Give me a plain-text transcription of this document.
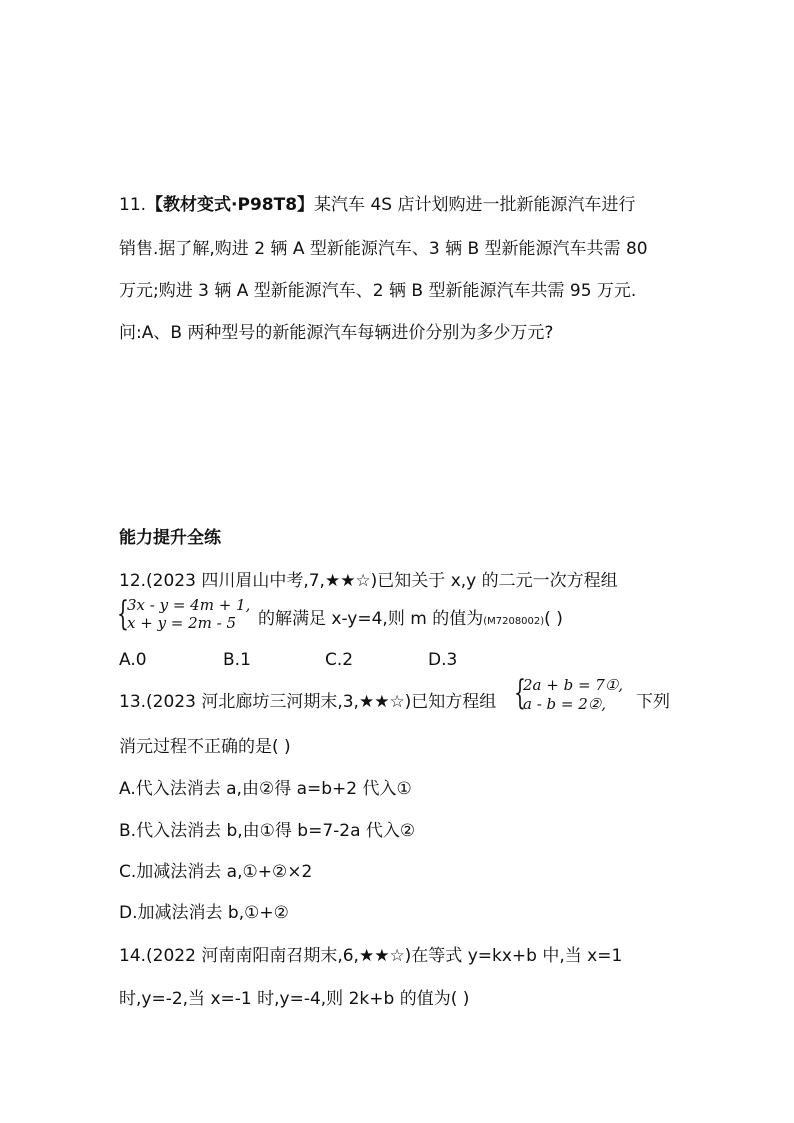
11.【教材变式·P98T8】某汽车 4S 店计划购进一批新能源汽车进行
销售.据了解,购进 2 辆 A 型新能源汽车、3 辆 B 型新能源汽车共需 80
万元;购进 3 辆 A 型新能源汽车、2 辆 B 型新能源汽车共需 95 万元.
问:A、B 两种型号的新能源汽车每辆进价分别为多少万元?
能力提升全练
12.(2023 四川眉山中考,7,★★☆)已知关于 x,y 的二元一次方程组
{
3x - y = 4m + 1,
x + y = 2m - 5 的解满足 x-y=4,则 m 的值为(M7208002)( )
A.0	B.1	C.2	D.3
13.(2023 河北廊坊三河期末,3,★★☆)已知方程组 {
2a + b = 7①,
a - b = 2②, 下列
消元过程不正确的是( )
A.代入法消去 a,由②得 a=b+2 代入①
B.代入法消去 b,由①得 b=7-2a 代入②
C.加减法消去 a,①+②×2
D.加减法消去 b,①+②
14.(2022 河南南阳南召期末,6,★★☆)在等式 y=kx+b 中,当 x=1
时,y=-2,当 x=-1 时,y=-4,则 2k+b 的值为( )
